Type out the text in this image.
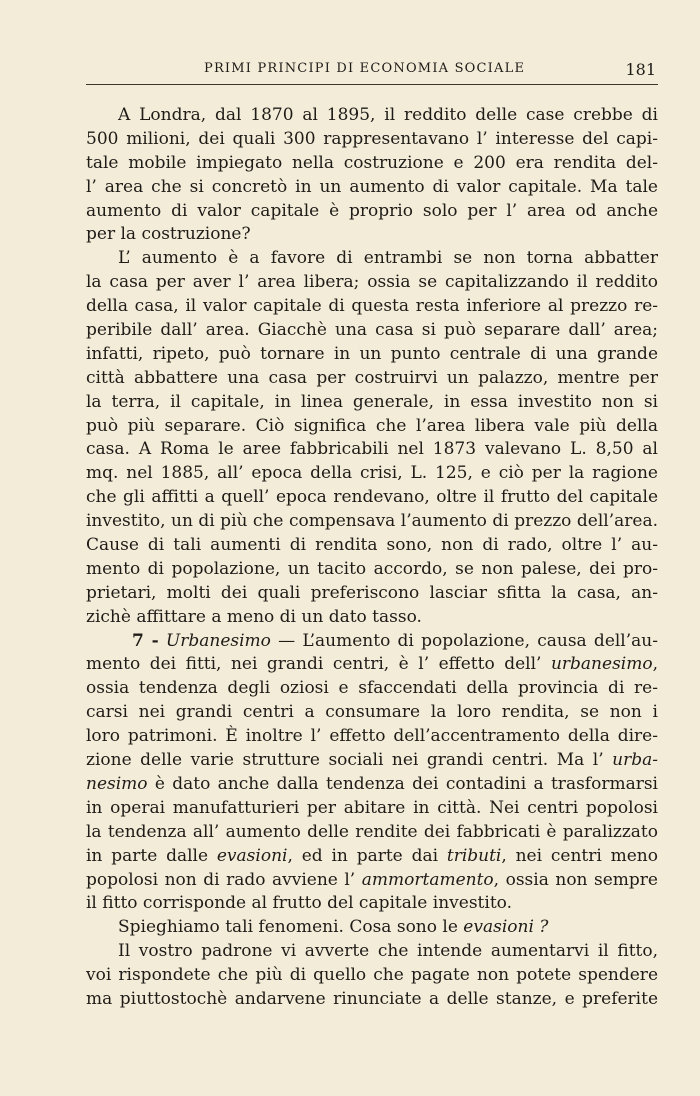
PRIMI PRINCIPI DI ECONOMIA SOCIALE	181
A Londra, dal 1870 al 1895, il reddito delle case crebbe di
500 milioni, dei quali 300 rappresentavano l’ interesse del capi-
tale mobile impiegato nella costruzione e 200 era rendita del-
l’ area che si concretò in un aumento di valor capitale. Ma tale
aumento di valor capitale è proprio solo per l’ area od anche
per la costruzione?
L’ aumento è a favore di entrambi se non torna abbatter
la casa per aver l’ area libera; ossia se capitalizzando il reddito
della casa, il valor capitale di questa resta inferiore al prezzo re-
peribile dall’ area. Giacchè una casa si può separare dall’ area;
infatti, ripeto, può tornare in un punto centrale di una grande
città abbattere una casa per costruirvi un palazzo, mentre per
la terra, il capitale, in linea generale, in essa investito non si
può più separare. Ciò significa che l’area libera vale più della
casa. A Roma le aree fabbricabili nel 1873 valevano L. 8,50 al
mq. nel 1885, all’ epoca della crisi, L. 125, e ciò per la ragione
che gli affitti a quell’ epoca rendevano, oltre il frutto del capitale
investito, un di più che compensava l’aumento di prezzo dell’area.
Cause di tali aumenti di rendita sono, non di rado, oltre l’ au-
mento di popolazione, un tacito accordo, se non palese, dei pro-
prietari, molti dei quali preferiscono lasciar sfitta la casa, an-
zichè affittare a meno di un dato tasso.
7 - Urbanesimo — L’aumento di popolazione, causa dell’au-
mento dei fitti, nei grandi centri, è l’ effetto dell’ urbanesimo,
ossia tendenza degli oziosi e sfaccendati della provincia di re-
carsi nei grandi centri a consumare la loro rendita, se non i
loro patrimoni. È inoltre l’ effetto dell’accentramento della dire-
zione delle varie strutture sociali nei grandi centri. Ma l’ urba-
nesimo è dato anche dalla tendenza dei contadini a trasformarsi
in operai manufatturieri per abitare in città. Nei centri popolosi
la tendenza all’ aumento delle rendite dei fabbricati è paralizzato
in parte dalle evasioni, ed in parte dai tributi, nei centri meno
popolosi non di rado avviene l’ ammortamento, ossia non sempre
il fitto corrisponde al frutto del capitale investito.
Spieghiamo tali fenomeni. Cosa sono le evasioni ?
Il vostro padrone vi avverte che intende aumentarvi il fitto,
voi rispondete che più di quello che pagate non potete spendere
ma piuttostochè andarvene rinunciate a delle stanze, e preferite
